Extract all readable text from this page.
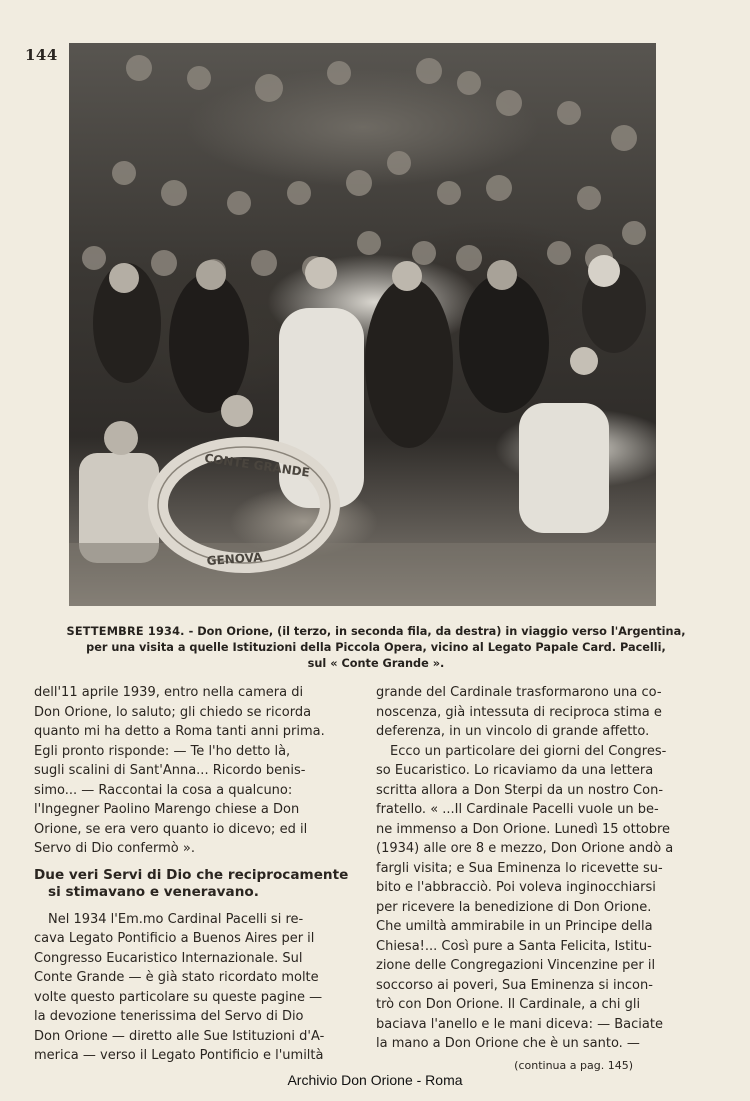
144
CONTE GRANDE
GENOVA
SETTEMBRE 1934. - Don Orione, (il terzo, in seconda fila, da destra) in viaggio verso l'Argentina,
per una visita a quelle Istituzioni della Piccola Opera, vicino al Legato Papale Card. Pacelli,
sul « Conte Grande ».

dell'11 aprile 1939, entro nella camera di

Don Orione, lo saluto; gli chiedo se ricorda

quanto mi ha detto a Roma tanti anni prima.

Egli pronto risponde: — Te l'ho detto là,

sugli scalini di Sant'Anna... Ricordo benis-

simo... — Raccontai la cosa a qualcuno:

l'Ingegner Paolino Marengo chiese a Don

Orione, se era vero quanto io dicevo; ed il

Servo di Dio confermò ».

Due veri Servi di Dio che reciprocamente

si stimavano e veneravano.

Nel 1934 l'Em.mo Cardinal Pacelli si re-

cava Legato Pontificio a Buenos Aires per il

Congresso Eucaristico Internazionale. Sul

Conte Grande — è già stato ricordato molte

volte questo particolare su queste pagine —

la devozione tenerissima del Servo di Dio

Don Orione — diretto alle Sue Istituzioni d'A-

merica — verso il Legato Pontificio e l'umiltà

grande del Cardinale trasformarono una co-

noscenza, già intessuta di reciproca stima e

deferenza, in un vincolo di grande affetto.

Ecco un particolare dei giorni del Congres-

so Eucaristico. Lo ricaviamo da una lettera

scritta allora a Don Sterpi da un nostro Con-

fratello. « ...Il Cardinale Pacelli vuole un be-

ne immenso a Don Orione. Lunedì 15 ottobre

(1934) alle ore 8 e mezzo, Don Orione andò a

fargli visita; e Sua Eminenza lo ricevette su-

bito e l'abbracciò. Poi voleva inginocchiarsi

per ricevere la benedizione di Don Orione.

Che umiltà ammirabile in un Principe della

Chiesa!... Così pure a Santa Felicita, Istitu-

zione delle Congregazioni Vincenzine per il

soccorso ai poveri, Sua Eminenza si incon-

trò con Don Orione. Il Cardinale, a chi gli

baciava l'anello e le mani diceva: — Baciate

la mano a Don Orione che è un santo. —

(continua a pag. 145)
Archivio Don Orione - Roma
